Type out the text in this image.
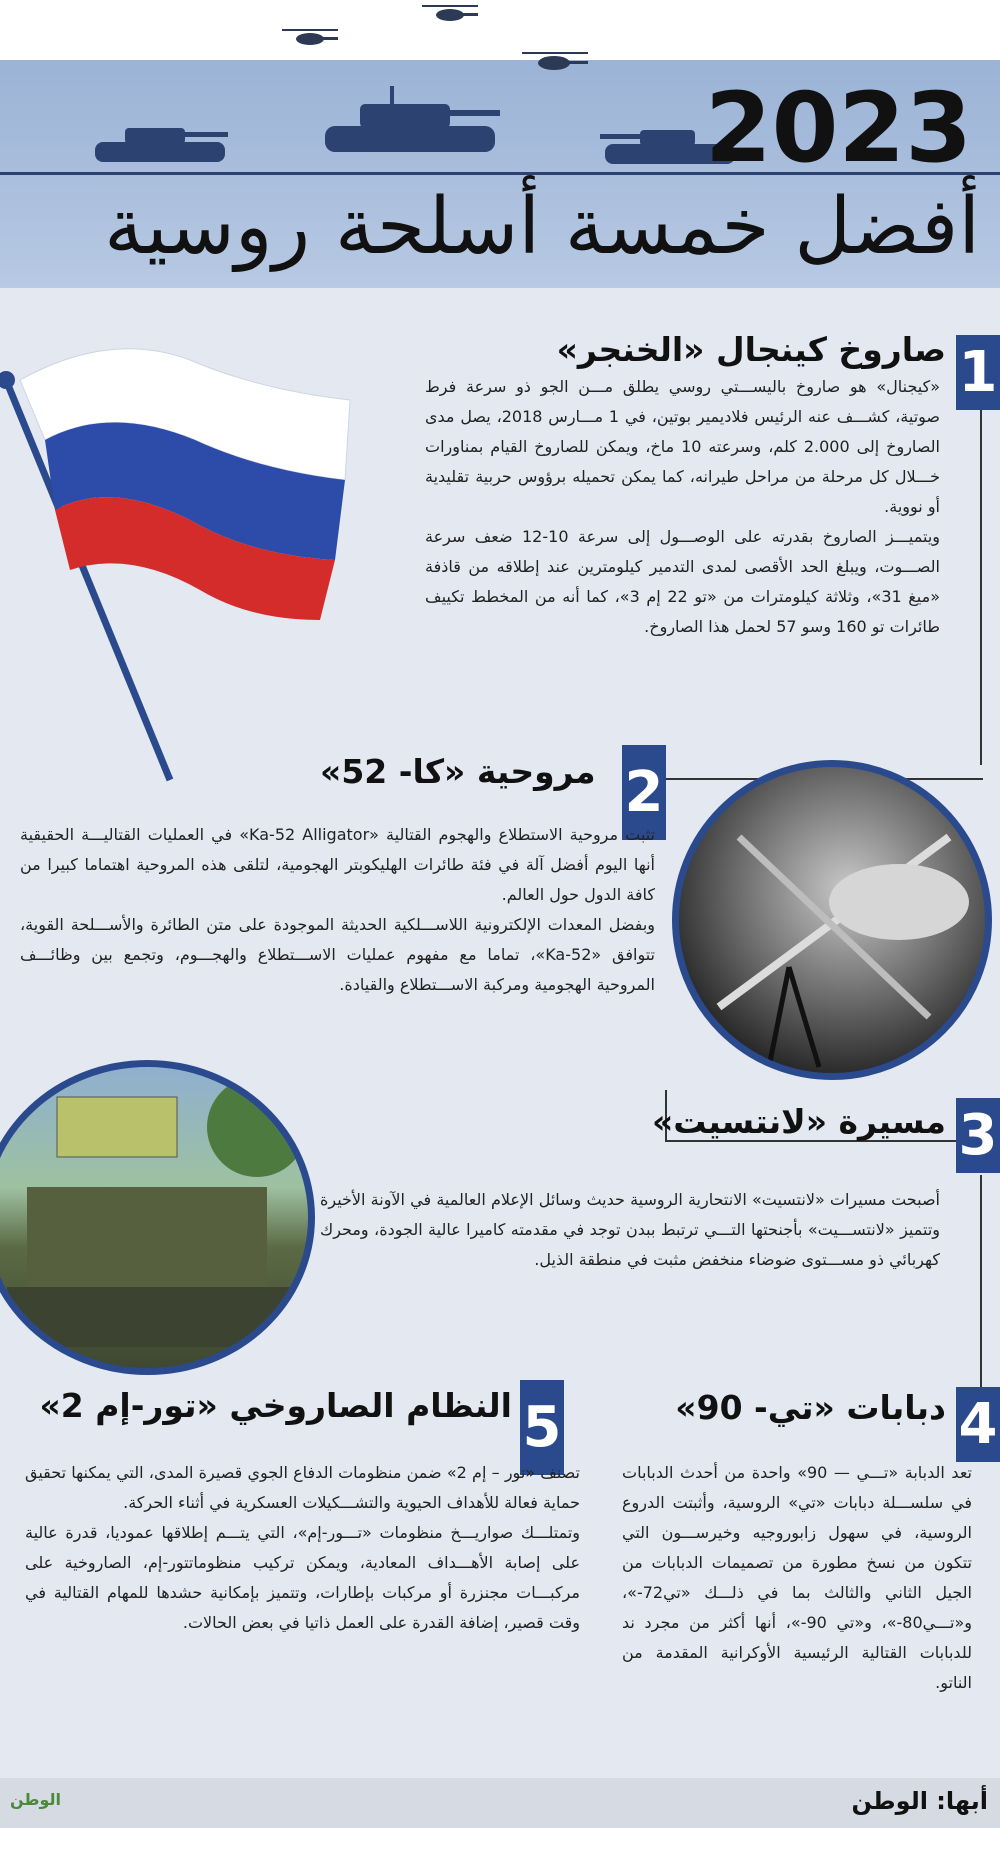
2023
أفضل خمسة أسلحة روسية
1
صاروخ كينجال «الخنجر»

«كيجنال» هو صاروخ باليســـتي روسي يطلق مـــن الجو ذو سرعة فرط صوتية، كشـــف عنه الرئيس فلاديمير بوتين، في 1 مـــارس 2018، يصل مدى الصاروخ إلى 2.000 كلم، وسرعته 10 ماخ، ويمكن للصاروخ القيام بمناورات خـــلال كل مرحلة من مراحل طيرانه، كما يمكن تحميله برؤوس حربية تقليدية أو نووية.

ويتميـــز الصاروخ بقدرته على الوصـــول إلى سرعة 10-12 ضعف سرعة الصـــوت، ويبلغ الحد الأقصى لمدى التدمير كيلومترين عند إطلاقه من قاذفة «ميغ 31»، وثلاثة كيلومترات من «تو 22 إم 3»، كما أنه من المخطط تكييف طائرات تو 160 وسو 57 لحمل هذا الصاروخ.

2
مروحية «كا- 52»

تثبت مروحية الاستطلاع والهجوم القتالية «Ka-52 Alligator» في العمليات القتاليـــة الحقيقية أنها اليوم أفضل آلة في فئة طائرات الهليكوبتر الهجومية، لتلقى هذه المروحية اهتماما كبيرا من كافة الدول حول العالم.

وبفضل المعدات الإلكترونية اللاســـلكية الحديثة الموجودة على متن الطائرة والأســـلحة القوية، تتوافق «Ka-52»، تماما مع مفهوم عمليات الاســـتطلاع والهجـــوم، وتجمع بين وظائـــف المروحية الهجومية ومركبة الاســـتطلاع والقيادة.

3
مسيرة «لانتسيت»

أصبحت مسيرات «لانتسيت» الانتحارية الروسية حديث وسائل الإعلام العالمية في الآونة الأخيرة وتتميز «لانتســـيت» بأجنحتها التـــي ترتبط ببدن توجد في مقدمته كاميرا عالية الجودة، ومحرك كهربائي ذو مســـتوى ضوضاء منخفض مثبت في منطقة الذيل.

4
دبابات «تي- 90»

تعد الدبابة «تـــي — 90» واحدة من أحدث الدبابات في سلســـلة دبابات «تي» الروسية، وأثبتت الدروع الروسية، في سهول زابوروجيه وخيرســـون التي تتكون من نسخ مطورة من تصميمات الدبابات من الجيل الثاني والثالث بما في ذلـــك «تي72-»، و«تـــي80-»، و«تي 90-»، أنها أكثر من مجرد ند للدبابات القتالية الرئيسية الأوكرانية المقدمة من الناتو.

5
النظام الصاروخي «تور-إم 2»

تصنف «تور – إم 2» ضمن منظومات الدفاع الجوي قصيرة المدى، التي يمكنها تحقيق حماية فعالة للأهداف الحيوية والتشـــكيلات العسكرية في أثناء الحركة.

وتمتلـــك صواريـــخ منظومات «تـــور-إم»، التي يتـــم إطلاقها عموديا، قدرة عالية على إصابة الأهـــداف المعادية، ويمكن تركيب منظوماتتور-إم، الصاروخية على مركبـــات مجنزرة أو مركبات بإطارات، وتتميز بإمكانية حشدها للمهام القتالية في وقت قصير، إضافة القدرة على العمل ذاتيا في بعض الحالات.

أبها: الوطن
الوطن
